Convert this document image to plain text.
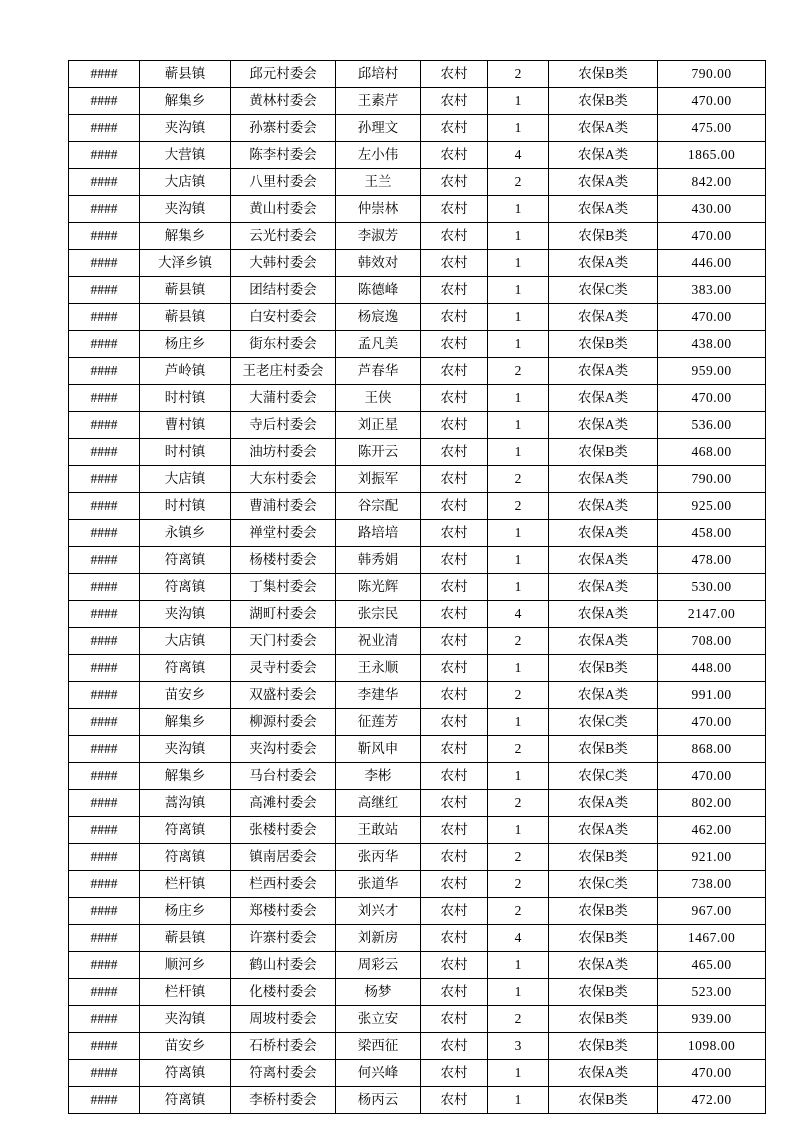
####	蕲县镇	邱元村委会	邱培村	农村	2	农保B类	790.00
####	解集乡	黄林村委会	王素芹	农村	1	农保B类	470.00
####	夹沟镇	孙寨村委会	孙理文	农村	1	农保A类	475.00
####	大营镇	陈李村委会	左小伟	农村	4	农保A类	1865.00
####	大店镇	八里村委会	王兰	农村	2	农保A类	842.00
####	夹沟镇	黄山村委会	仲崇林	农村	1	农保A类	430.00
####	解集乡	云光村委会	李淑芳	农村	1	农保B类	470.00
####	大泽乡镇	大韩村委会	韩效对	农村	1	农保A类	446.00
####	蕲县镇	团结村委会	陈德峰	农村	1	农保C类	383.00
####	蕲县镇	白安村委会	杨宸逸	农村	1	农保A类	470.00
####	杨庄乡	街东村委会	孟凡美	农村	1	农保B类	438.00
####	芦岭镇	王老庄村委会	芦春华	农村	2	农保A类	959.00
####	时村镇	大蒲村委会	王侠	农村	1	农保A类	470.00
####	曹村镇	寺后村委会	刘正星	农村	1	农保A类	536.00
####	时村镇	油坊村委会	陈开云	农村	1	农保B类	468.00
####	大店镇	大东村委会	刘振军	农村	2	农保A类	790.00
####	时村镇	曹浦村委会	谷宗配	农村	2	农保A类	925.00
####	永镇乡	禅堂村委会	路培培	农村	1	农保A类	458.00
####	符离镇	杨楼村委会	韩秀娟	农村	1	农保A类	478.00
####	符离镇	丁集村委会	陈光辉	农村	1	农保A类	530.00
####	夹沟镇	湖町村委会	张宗民	农村	4	农保A类	2147.00
####	大店镇	天门村委会	祝业清	农村	2	农保A类	708.00
####	符离镇	灵寺村委会	王永顺	农村	1	农保B类	448.00
####	苗安乡	双盛村委会	李建华	农村	2	农保A类	991.00
####	解集乡	柳源村委会	征莲芳	农村	1	农保C类	470.00
####	夹沟镇	夹沟村委会	靳风申	农村	2	农保B类	868.00
####	解集乡	马台村委会	李彬	农村	1	农保C类	470.00
####	蒿沟镇	高滩村委会	高继红	农村	2	农保A类	802.00
####	符离镇	张楼村委会	王敢站	农村	1	农保A类	462.00
####	符离镇	镇南居委会	张丙华	农村	2	农保B类	921.00
####	栏杆镇	栏西村委会	张道华	农村	2	农保C类	738.00
####	杨庄乡	郑楼村委会	刘兴才	农村	2	农保B类	967.00
####	蕲县镇	许寨村委会	刘新房	农村	4	农保B类	1467.00
####	顺河乡	鹤山村委会	周彩云	农村	1	农保A类	465.00
####	栏杆镇	化楼村委会	杨梦	农村	1	农保B类	523.00
####	夹沟镇	周坡村委会	张立安	农村	2	农保B类	939.00
####	苗安乡	石桥村委会	梁西征	农村	3	农保B类	1098.00
####	符离镇	符离村委会	何兴峰	农村	1	农保A类	470.00
####	符离镇	李桥村委会	杨丙云	农村	1	农保B类	472.00
